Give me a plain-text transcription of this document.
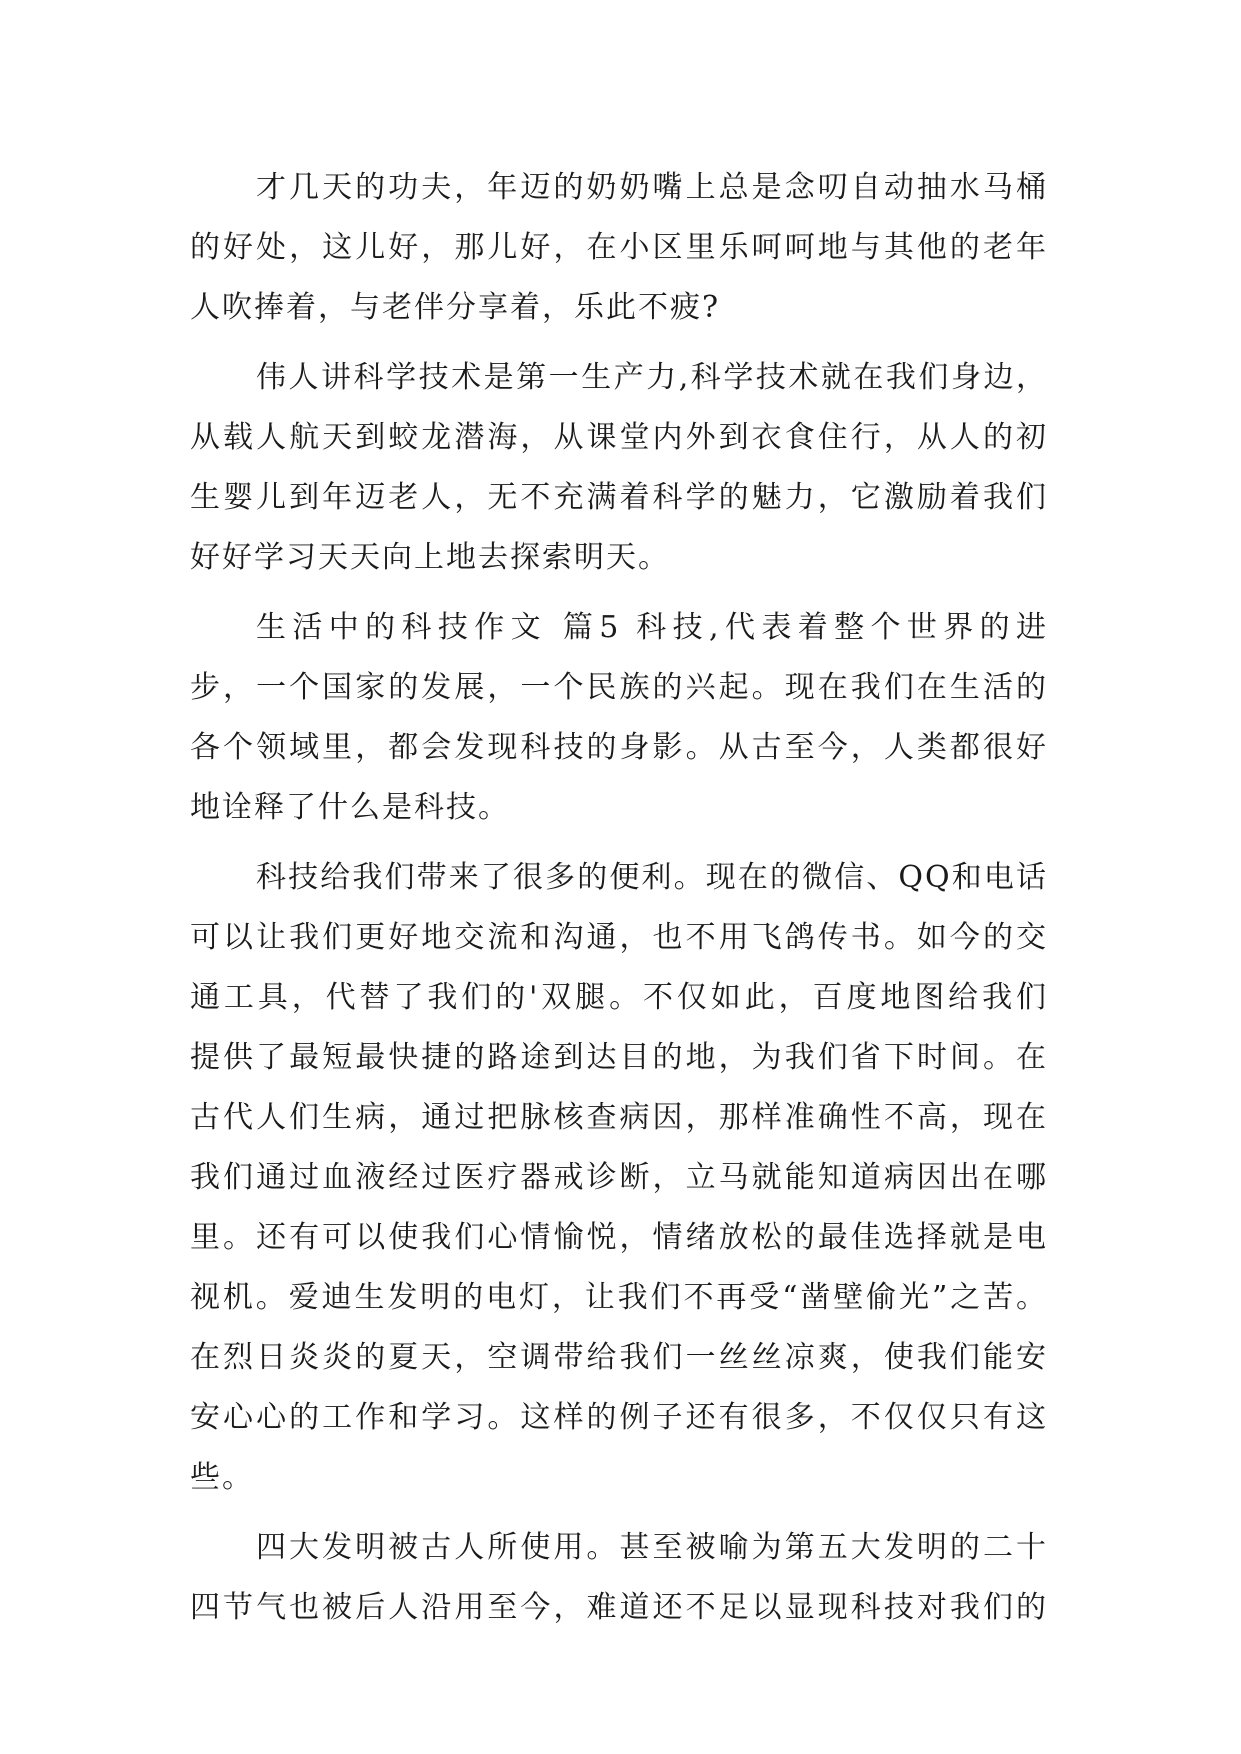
才几天的功夫，年迈的奶奶嘴上总是念叨自动抽水马桶
的好处，这儿好，那儿好，在小区里乐呵呵地与其他的老年
人吹捧着，与老伴分享着，乐此不疲?
伟人讲科学技术是第一生产力,科学技术就在我们身边，
从载人航天到蛟龙潜海，从课堂内外到衣食住行，从人的初
生婴儿到年迈老人，无不充满着科学的魅力，它激励着我们
好好学习天天向上地去探索明天。
生活中的科技作文 篇5 科技,代表着整个世界的进
步，一个国家的发展，一个民族的兴起。现在我们在生活的
各个领域里，都会发现科技的身影。从古至今，人类都很好
地诠释了什么是科技。
科技给我们带来了很多的便利。现在的微信、QQ和电话
可以让我们更好地交流和沟通，也不用飞鸽传书。如今的交
通工具，代替了我们的'双腿。不仅如此，百度地图给我们
提供了最短最快捷的路途到达目的地，为我们省下时间。在
古代人们生病，通过把脉核查病因，那样准确性不高，现在
我们通过血液经过医疗器戒诊断，立马就能知道病因出在哪
里。还有可以使我们心情愉悦，情绪放松的最佳选择就是电
视机。爱迪生发明的电灯，让我们不再受“凿壁偷光”之苦。
在烈日炎炎的夏天，空调带给我们一丝丝凉爽，使我们能安
安心心的工作和学习。这样的例子还有很多，不仅仅只有这
些。
四大发明被古人所使用。甚至被喻为第五大发明的二十
四节气也被后人沿用至今，难道还不足以显现科技对我们的
